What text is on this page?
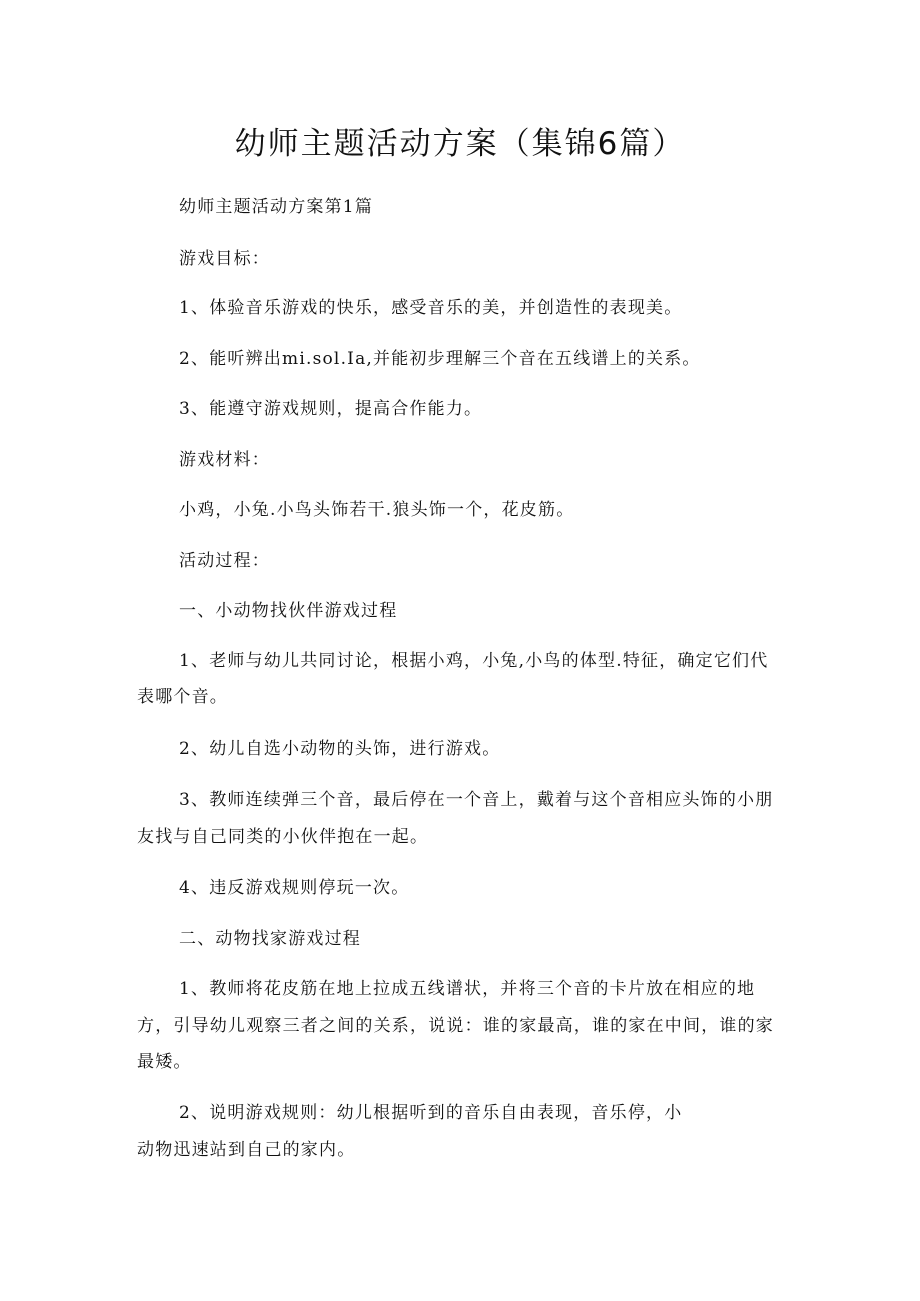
幼师主题活动方案（集锦6篇）
幼师主题活动方案第1篇
游戏目标：
1、体验音乐游戏的快乐，感受音乐的美，并创造性的表现美。
2、能听辨出mi.sol.Ia,并能初步理解三个音在五线谱上的关系。
3、能遵守游戏规则，提高合作能力。
游戏材料：
小鸡，小兔.小鸟头饰若干.狼头饰一个，花皮筋。
活动过程：
一、小动物找伙伴游戏过程
1、老师与幼儿共同讨论，根据小鸡，小兔,小鸟的体型.特征，确定它们代
表哪个音。
2、幼儿自选小动物的头饰，进行游戏。
3、教师连续弹三个音，最后停在一个音上，戴着与这个音相应头饰的小朋
友找与自己同类的小伙伴抱在一起。
4、违反游戏规则停玩一次。
二、动物找家游戏过程
1、教师将花皮筋在地上拉成五线谱状，并将三个音的卡片放在相应的地
方，引导幼儿观察三者之间的关系，说说：谁的家最高，谁的家在中间，谁的家
最矮。
2、说明游戏规则：幼儿根据听到的音乐自由表现，音乐停，小
动物迅速站到自己的家内。
